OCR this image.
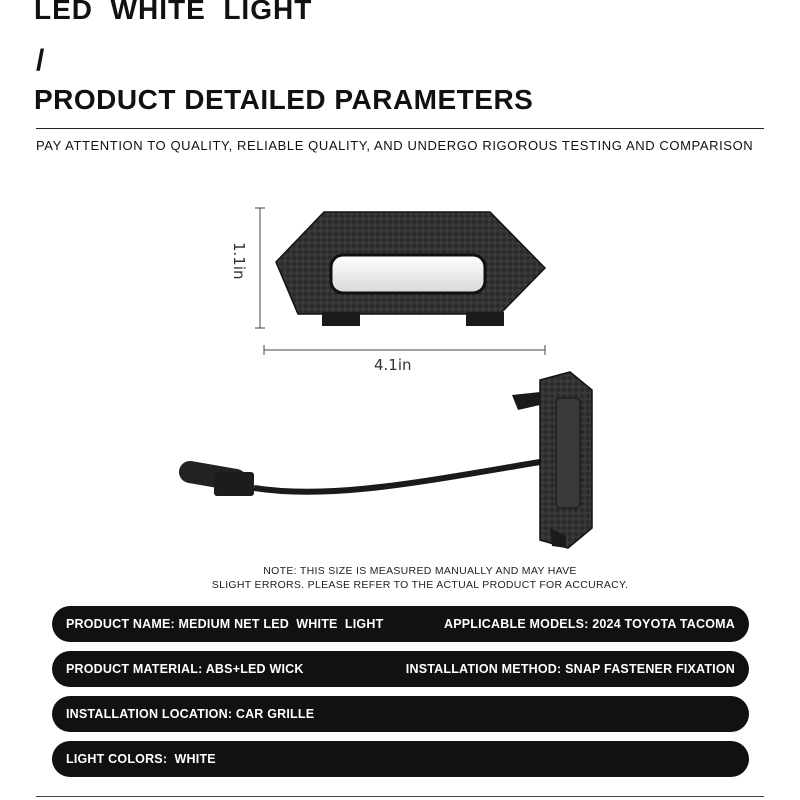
LED  WHITE  LIGHT
/
PRODUCT DETAILED PARAMETERS
PAY ATTENTION TO QUALITY, RELIABLE QUALITY, AND UNDERGO RIGOROUS TESTING AND COMPARISON
1.1in
4.1in
NOTE: THIS SIZE IS MEASURED MANUALLY AND MAY HAVE
SLIGHT ERRORS. PLEASE REFER TO THE ACTUAL PRODUCT FOR ACCURACY.
PRODUCT NAME: MEDIUM NET LED  WHITE  LIGHT	APPLICABLE MODELS: 2024 TOYOTA TACOMA
PRODUCT MATERIAL: ABS+LED WICK	INSTALLATION METHOD: SNAP FASTENER FIXATION
INSTALLATION LOCATION: CAR GRILLE
LIGHT COLORS:  WHITE
